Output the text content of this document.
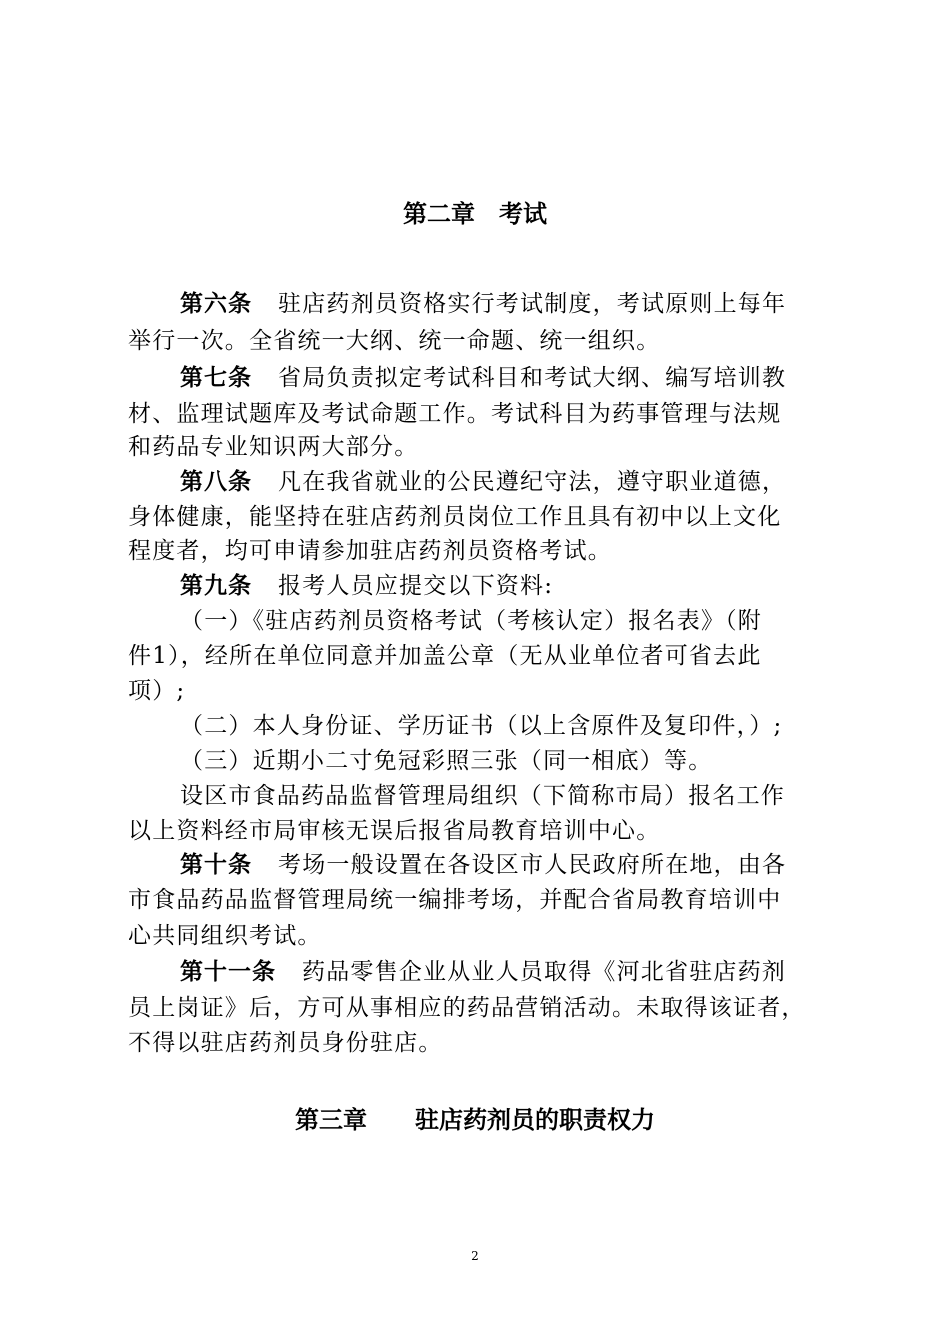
第二章　考试
第六条 驻店药剂员资格实行考试制度，考试原则上每年
举行一次。全省统一大纲、统一命题、统一组织。
第七条 省局负责拟定考试科目和考试大纲、编写培训教
材、监理试题库及考试命题工作。考试科目为药事管理与法规
和药品专业知识两大部分。
第八条 凡在我省就业的公民遵纪守法，遵守职业道德，
身体健康，能坚持在驻店药剂员岗位工作且具有初中以上文化
程度者，均可申请参加驻店药剂员资格考试。
第九条 报考人员应提交以下资料:
（一）《驻店药剂员资格考试（考核认定）报名表》（附
件1），经所在单位同意并加盖公章（无从业单位者可省去此
项）;
（二）本人身份证、学历证书（以上含原件及复印件，）;
（三）近期小二寸免冠彩照三张（同一相底）等。
设区市食品药品监督管理局组织（下简称市局）报名工作
以上资料经市局审核无误后报省局教育培训中心。
第十条 考场一般设置在各设区市人民政府所在地，由各
市食品药品监督管理局统一编排考场，并配合省局教育培训中
心共同组织考试。
第十一条 药品零售企业从业人员取得《河北省驻店药剂
员上岗证》后，方可从事相应的药品营销活动。未取得该证者，
不得以驻店药剂员身份驻店。
第三章　　驻店药剂员的职责权力
2
